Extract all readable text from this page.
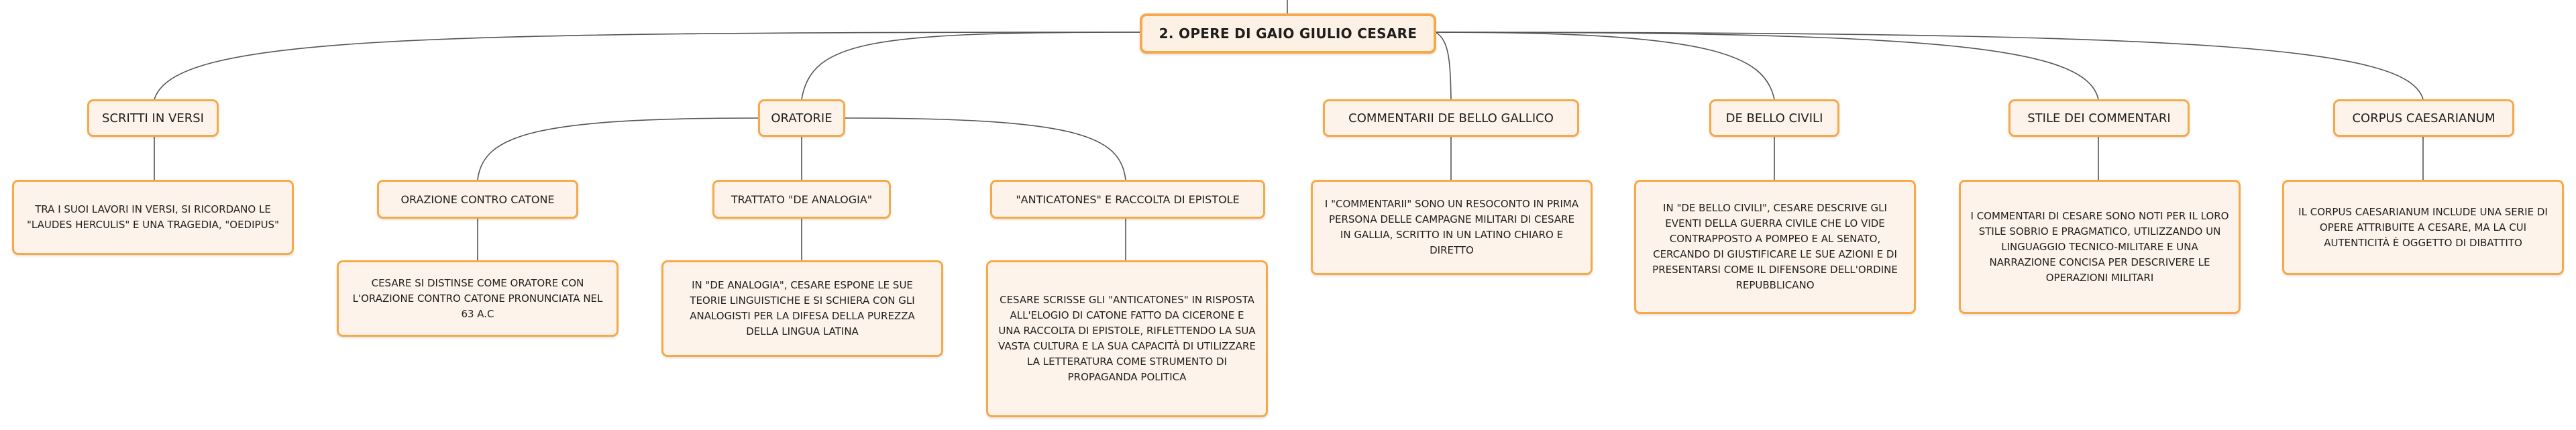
2. OPERE DI GAIO GIULIO CESARE
SCRITTI IN VERSI
TRA I SUOI LAVORI IN VERSI, SI RICORDANO LE "LAUDES HERCULIS" E UNA TRAGEDIA, "OEDIPUS"
ORATORIE
ORAZIONE CONTRO CATONE
CESARE SI DISTINSE COME ORATORE CON L'ORAZIONE CONTRO CATONE PRONUNCIATA NEL 63 A.C
TRATTATO "DE ANALOGIA"
IN "DE ANALOGIA", CESARE ESPONE LE SUE TEORIE LINGUISTICHE E SI SCHIERA CON GLI ANALOGISTI PER LA DIFESA DELLA PUREZZA DELLA LINGUA LATINA
"ANTICATONES" E RACCOLTA DI EPISTOLE
CESARE SCRISSE GLI "ANTICATONES" IN RISPOSTA ALL'ELOGIO DI CATONE FATTO DA CICERONE E UNA RACCOLTA DI EPISTOLE, RIFLETTENDO LA SUA VASTA CULTURA E LA SUA CAPACITÀ DI UTILIZZARE LA LETTERATURA COME STRUMENTO DI PROPAGANDA POLITICA
COMMENTARII DE BELLO GALLICO
I "COMMENTARII" SONO UN RESOCONTO IN PRIMA PERSONA DELLE CAMPAGNE MILITARI DI CESARE IN GALLIA, SCRITTO IN UN LATINO CHIARO E DIRETTO
DE BELLO CIVILI
IN "DE BELLO CIVILI", CESARE DESCRIVE GLI EVENTI DELLA GUERRA CIVILE CHE LO VIDE CONTRAPPOSTO A POMPEO E AL SENATO, CERCANDO DI GIUSTIFICARE LE SUE AZIONI E DI PRESENTARSI COME IL DIFENSORE DELL'ORDINE REPUBBLICANO
STILE DEI COMMENTARI
I COMMENTARI DI CESARE SONO NOTI PER IL LORO STILE SOBRIO E PRAGMATICO, UTILIZZANDO UN LINGUAGGIO TECNICO-MILITARE E UNA NARRAZIONE CONCISA PER DESCRIVERE LE OPERAZIONI MILITARI
CORPUS CAESARIANUM
IL CORPUS CAESARIANUM INCLUDE UNA SERIE DI OPERE ATTRIBUITE A CESARE, MA LA CUI AUTENTICITÀ È OGGETTO DI DIBATTITO
